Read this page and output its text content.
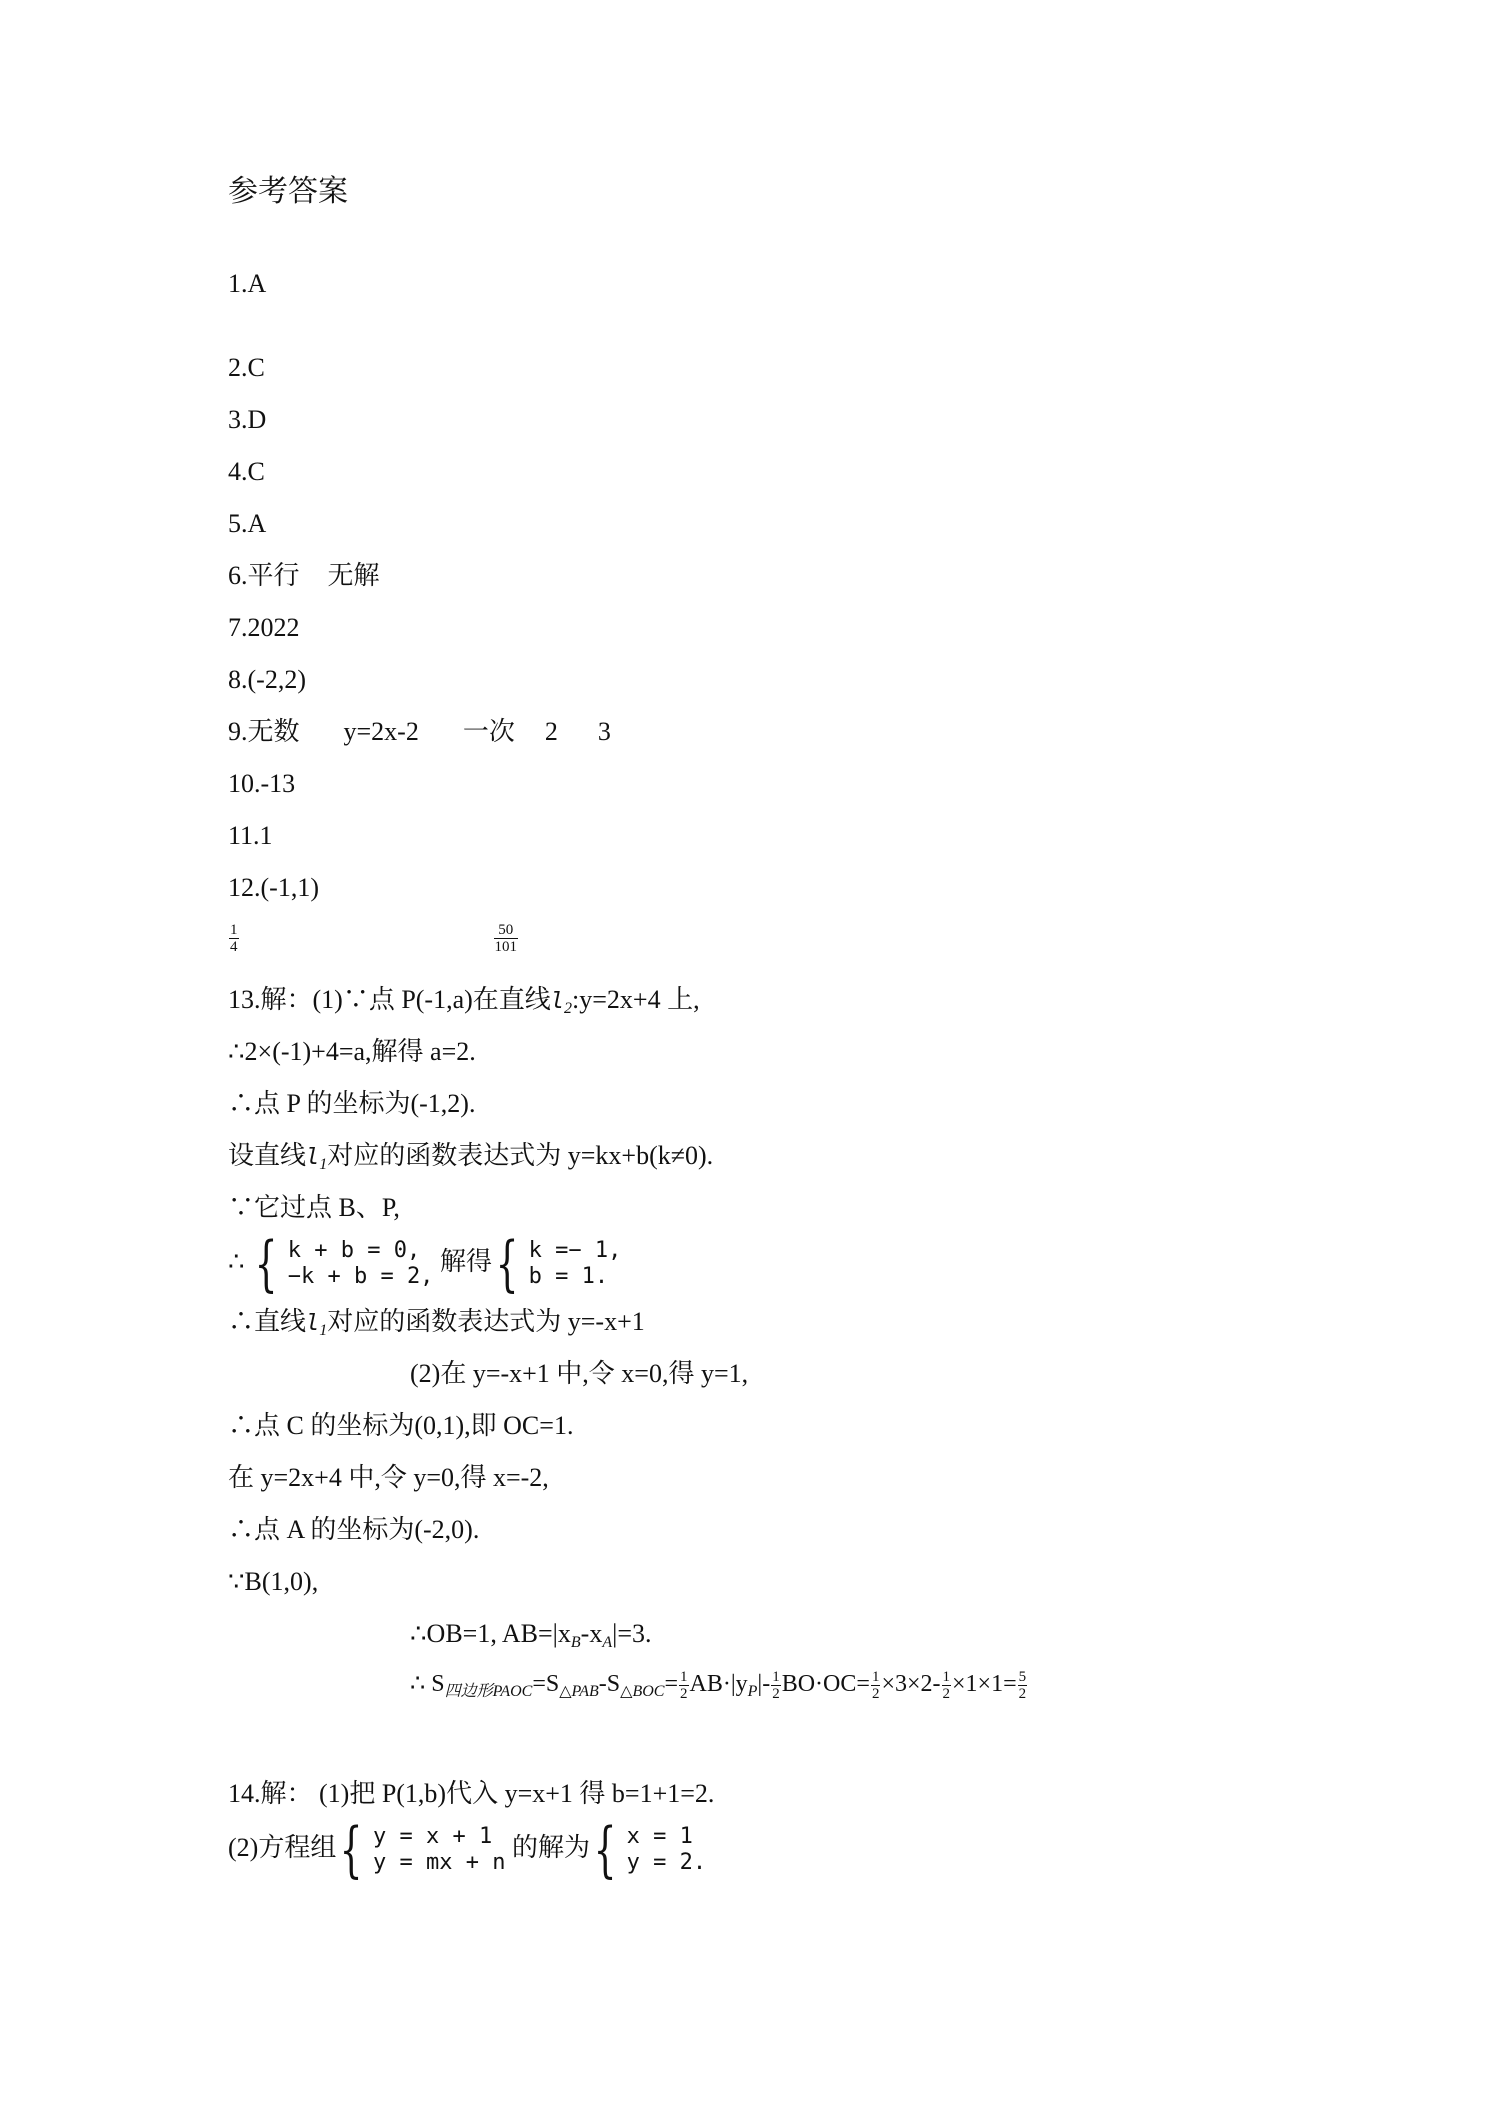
参考答案
1.A
2.C
3.D
4.C
5.A
6.平行 无解
7.2022
8.(-2,2)
9.无数 y=2x-2 一次 2 3
10.-13
11.1
12.(-1,1)
$\frac{1}{4}$
	$\frac{50}{101}$
13.解：(1)∵点 P(-1,a)在直线$l_2:y=2x+4$ 上,
∴2×(-1)+4=a,解得 a=2.
∴点 P 的坐标为(-1,2).
设直线$l_1$对应的函数表达式为 y=kx+b(k≠0).
∵它过点 B、P,
∴ { k + b = 0,
−k + b = 2,
解得{ k =− 1,
b = 1.
∴直线$l_1$对应的函数表达式为 y=-x+1
(2)在 y=-x+1 中,令 x=0,得 y=1,
∴点 C 的坐标为(0,1),即 OC=1.
在 y=2x+4 中,令 y=0,得 x=-2,
∴点 A 的坐标为(-2,0).
∵B(1,0),
∴OB=1, $AB=|x_B-x_A|=3$.
∴ $S_{四边形PAOC}=S_{\triangle PAB}-S_{\triangle BOC}= \frac{1}{2} AB\cdot|y_P|- \frac{1}{2} BO\cdot OC= \frac{1}{2} \times 3\times 2- \frac{1}{2} \times 1\times 1= \frac{5}{2}$
14.解： (1)把 P(1,b)代入 y=x+1 得 b=1+1=2.
(2)方程组{ y = x + 1
y = mx + n
的解为{ x = 1
y = 2.
